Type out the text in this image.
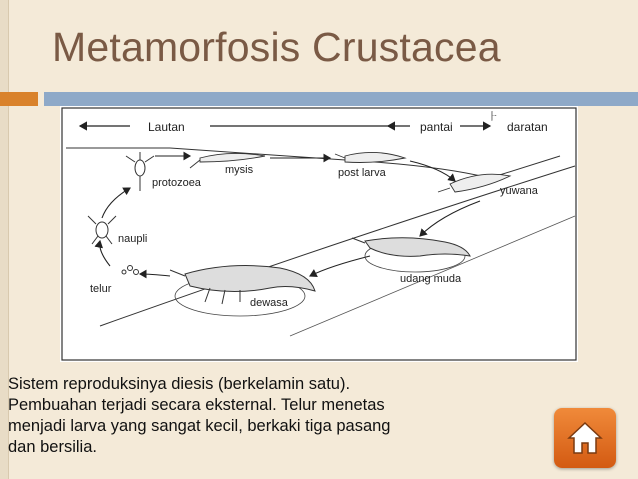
Metamorfosis Crustacea
Lautan	pantai	daratan
⺊
protozoea
mysis	post larva
yuwana
naupli
telur
dewasa
udang muda

Sistem reproduksinya diesis (berkelamin satu).

Pembuahan terjadi secara eksternal. Telur menetas

menjadi larva yang sangat kecil, berkaki tiga pasang

dan bersilia.
